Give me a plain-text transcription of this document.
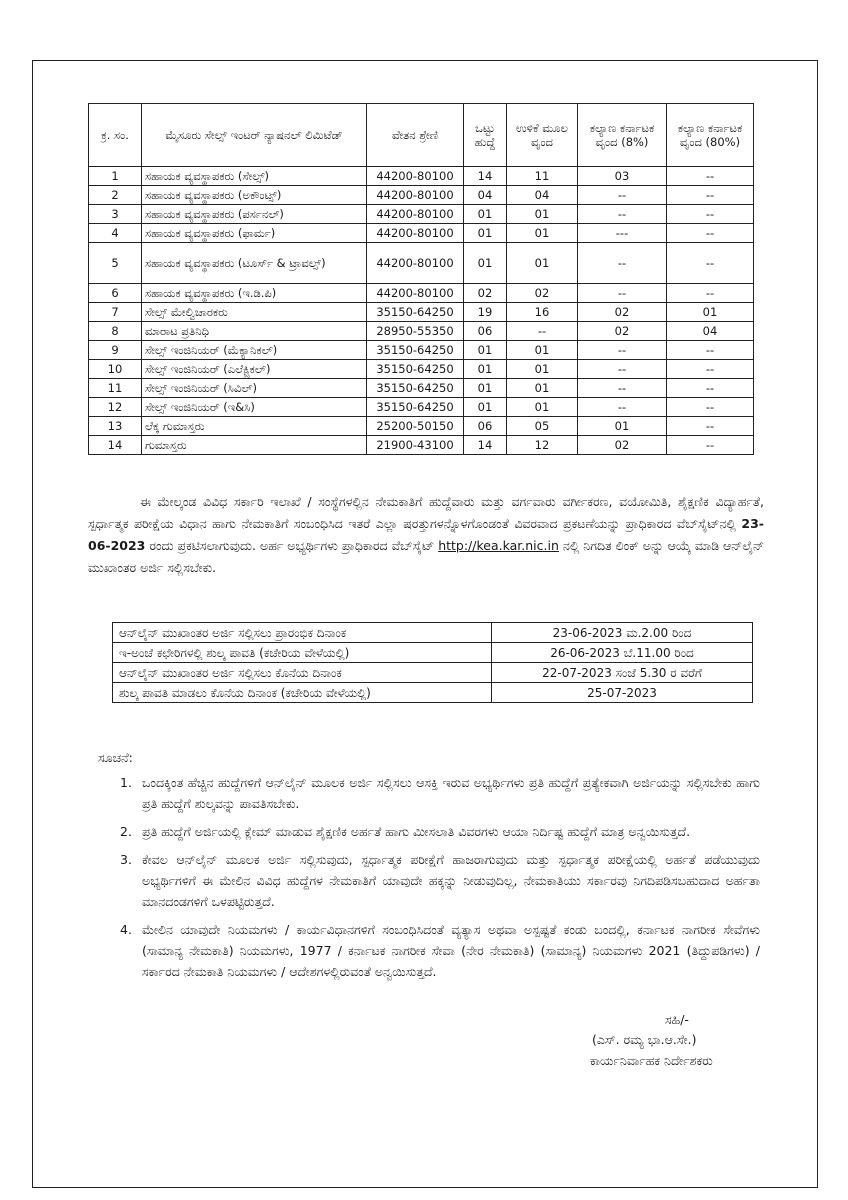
ಕ್ರ. ಸಂ.	ಮೈಸೂರು ಸೇಲ್ಸ್ ಇಂಟರ್ ನ್ಯಾಷನಲ್ ಲಿಮಿಟೆಡ್	ವೇತನ ಶ್ರೇಣಿ	ಒಟ್ಟು ಹುದ್ದೆ	ಉಳಿಕೆ ಮೂಲ ವೃಂದ	ಕಲ್ಯಾಣ ಕರ್ನಾಟಕ ವೃಂದ (8%)	ಕಲ್ಯಾಣ ಕರ್ನಾಟಕ ವೃಂದ (80%)
1	ಸಹಾಯಕ ವ್ಯವಸ್ಥಾಪಕರು (ಸೇಲ್ಸ್)	44200-80100	14	11	03	--
2	ಸಹಾಯಕ ವ್ಯವಸ್ಥಾಪಕರು (ಅಕೌಂಟ್ಸ್)	44200-80100	04	04	--	--
3	ಸಹಾಯಕ ವ್ಯವಸ್ಥಾಪಕರು (ಪರ್ಸನಲ್)	44200-80100	01	01	--	--
4	ಸಹಾಯಕ ವ್ಯವಸ್ಥಾಪಕರು (ಫಾರ್ಮ)	44200-80100	01	01	---	--
5	ಸಹಾಯಕ ವ್ಯವಸ್ಥಾಪಕರು (ಟೂರ್ಸ್ & ಟ್ರಾವಲ್ಸ್)	44200-80100	01	01	--	--
6	ಸಹಾಯಕ ವ್ಯವಸ್ಥಾಪಕರು (ಇ.ಡಿ.ಪಿ)	44200-80100	02	02	--	--
7	ಸೇಲ್ಸ್ ಮೇಲ್ವಿಚಾರಕರು	35150-64250	19	16	02	01
8	ಮಾರಾಟ ಪ್ರತಿನಿಧಿ	28950-55350	06	--	02	04
9	ಸೇಲ್ಸ್ ಇಂಜಿನಿಯರ್ (ಮೆಕ್ಯಾನಿಕಲ್)	35150-64250	01	01	--	--
10	ಸೇಲ್ಸ್ ಇಂಜಿನಿಯರ್ (ಎಲೆಕ್ಟ್ರಿಕಲ್)	35150-64250	01	01	--	--
11	ಸೇಲ್ಸ್ ಇಂಜಿನಿಯರ್ (ಸಿವಿಲ್)	35150-64250	01	01	--	--
12	ಸೇಲ್ಸ್ ಇಂಜಿನಿಯರ್ (ಇ&ಸಿ)	35150-64250	01	01	--	--
13	ಲೆಕ್ಕ ಗುಮಾಸ್ತರು	25200-50150	06	05	01	--
14	ಗುಮಾಸ್ತರು	21900-43100	14	12	02	--
ಈ ಮೇಲ್ಕಂಡ ವಿವಿಧ ಸರ್ಕಾರಿ ಇಲಾಖೆ / ಸಂಸ್ಥೆಗಳಲ್ಲಿನ ನೇಮಕಾತಿಗೆ ಹುದ್ದೆವಾರು ಮತ್ತು ವರ್ಗವಾರು ವರ್ಗೀಕರಣ, ವಯೋಮಿತಿ, ಶೈಕ್ಷಣಿಕ ವಿದ್ಯಾರ್ಹತೆ, ಸ್ಪರ್ಧಾತ್ಮಕ ಪರೀಕ್ಷೆಯ ವಿಧಾನ ಹಾಗು ನೇಮಕಾತಿಗೆ ಸಂಬಂಧಿಸಿದ ಇತರೆ ಎಲ್ಲಾ ಷರತ್ತುಗಳನ್ನೊಳಗೊಂಡಂತೆ ವಿವರವಾದ ಪ್ರಕಟಣೆಯನ್ನು ಪ್ರಾಧಿಕಾರದ ವೆಬ್‌ಸೈಟ್‌ನಲ್ಲಿ 23-06-2023 ರಂದು ಪ್ರಕಟಿಸಲಾಗುವುದು. ಅರ್ಹ ಅಭ್ಯರ್ಥಿಗಳು ಪ್ರಾಧಿಕಾರದ ವೆಬ್‌ಸೈಟ್ http://kea.kar.nic.in ನಲ್ಲಿ ನಿಗದಿತ ಲಿಂಕ್ ಅನ್ನು ಆಯ್ಕೆ ಮಾಡಿ ಆನ್‌ಲೈನ್ ಮುಖಾಂತರ ಅರ್ಜಿ ಸಲ್ಲಿಸಬೇಕು.
ಆನ್‌ಲೈನ್ ಮುಖಾಂತರ ಅರ್ಜಿ ಸಲ್ಲಿಸಲು ಪ್ರಾರಂಭಿಕ ದಿನಾಂಕ	23-06-2023 ಮ.2.00 ರಿಂದ
ಇ-ಅಂಚೆ ಕಛೇರಿಗಳಲ್ಲಿ ಶುಲ್ಕ ಪಾವತಿ (ಕಚೇರಿಯ ವೇಳೆಯಲ್ಲಿ)	26-06-2023 ಬೆ.11.00 ರಿಂದ
ಆನ್‌ಲೈನ್ ಮುಖಾಂತರ ಅರ್ಜಿ ಸಲ್ಲಿಸಲು ಕೊನೆಯ ದಿನಾಂಕ	22-07-2023 ಸಂಜೆ 5.30 ರ ವರೆಗೆ
ಶುಲ್ಕ ಪಾವತಿ ಮಾಡಲು ಕೊನೆಯ ದಿನಾಂಕ (ಕಚೇರಿಯ ವೇಳೆಯಲ್ಲಿ)	25-07-2023
ಸೂಚನೆ:
1. ಒಂದಕ್ಕಿಂತ ಹೆಚ್ಚಿನ ಹುದ್ದೆಗಳಿಗೆ ಆನ್‌ಲೈನ್ ಮೂಲಕ ಅರ್ಜಿ ಸಲ್ಲಿಸಲು ಆಸಕ್ತಿ ಇರುವ ಅಭ್ಯರ್ಥಿಗಳು ಪ್ರತಿ ಹುದ್ದೆಗೆ ಪ್ರತ್ಯೇಕವಾಗಿ ಅರ್ಜಿಯನ್ನು ಸಲ್ಲಿಸಬೇಕು ಹಾಗು ಪ್ರತಿ ಹುದ್ದೆಗೆ ಶುಲ್ಕವನ್ನು ಪಾವತಿಸಬೇಕು.
2. ಪ್ರತಿ ಹುದ್ದೆಗೆ ಅರ್ಜಿಯಲ್ಲಿ ಕ್ಲೇಮ್ ಮಾಡುವ ಶೈಕ್ಷಣಿಕ ಅರ್ಹತೆ ಹಾಗು ಮೀಸಲಾತಿ ವಿವರಗಳು ಆಯಾ ನಿರ್ದಿಷ್ಟ ಹುದ್ದೆಗೆ ಮಾತ್ರ ಅನ್ವಯಿಸುತ್ತದೆ.
3. ಕೇವಲ ಆನ್‌ಲೈನ್ ಮೂಲಕ ಅರ್ಜಿ ಸಲ್ಲಿಸುವುದು, ಸ್ಪರ್ಧಾತ್ಮಕ ಪರೀಕ್ಷೆಗೆ ಹಾಜರಾಗುವುದು ಮತ್ತು ಸ್ಪರ್ಧಾತ್ಮಕ ಪರೀಕ್ಷೆಯಲ್ಲಿ ಅರ್ಹತೆ ಪಡೆಯುವುದು ಅಭ್ಯರ್ಥಿಗಳಿಗೆ ಈ ಮೇಲಿನ ವಿವಿಧ ಹುದ್ದೆಗಳ ನೇಮಕಾತಿಗೆ ಯಾವುದೇ ಹಕ್ಕನ್ನು ನೀಡುವುದಿಲ್ಲ, ನೇಮಕಾತಿಯು ಸರ್ಕಾರವು ನಿಗದಿಪಡಿಸಬಹುದಾದ ಅರ್ಹತಾ ಮಾನದಂಡಗಳಿಗೆ ಒಳಪಟ್ಟಿರುತ್ತದೆ.
4. ಮೇಲಿನ ಯಾವುದೇ ನಿಯಮಗಳು / ಕಾರ್ಯವಿಧಾನಗಳಿಗೆ ಸಂಬಂಧಿಸಿದಂತೆ ವ್ಯತ್ಯಾಸ ಅಥವಾ ಅಸ್ಪಷ್ಟತೆ ಕಂಡು ಬಂದಲ್ಲಿ, ಕರ್ನಾಟಕ ನಾಗರೀಕ ಸೇವೆಗಳು (ಸಾಮಾನ್ಯ ನೇಮಕಾತಿ) ನಿಯಮಗಳು, 1977 / ಕರ್ನಾಟಕ ನಾಗರೀಕ ಸೇವಾ (ನೇರ ನೇಮಕಾತಿ) (ಸಾಮಾನ್ಯ) ನಿಯಮಗಳು 2021 (ತಿದ್ದುಪಡಿಗಳು) / ಸರ್ಕಾರದ ನೇಮಕಾತಿ ನಿಯಮಗಳು / ಆದೇಶಗಳಲ್ಲಿರುವಂತೆ ಅನ್ವಯಿಸುತ್ತದೆ.
ಸಹಿ/-
(ಎಸ್. ರಮ್ಯ ಭಾ.ಆ.ಸೇ.)
ಕಾರ್ಯನಿರ್ವಾಹಕ ನಿರ್ದೇಶಕರು
